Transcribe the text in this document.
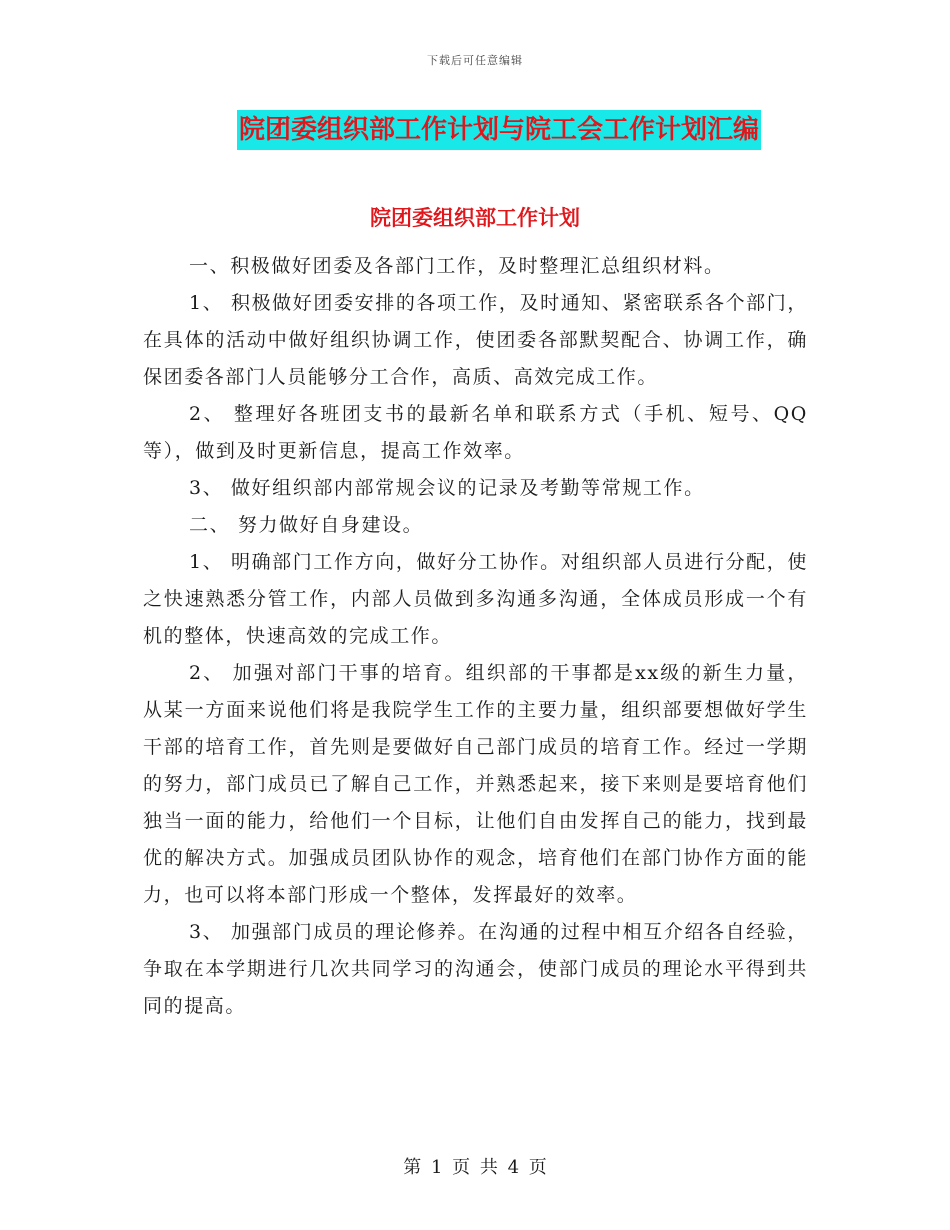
下载后可任意编辑
院团委组织部工作计划与院工会工作计划汇编
院团委组织部工作计划

一、积极做好团委及各部门工作，及时整理汇总组织材料。

1、 积极做好团委安排的各项工作，及时通知、紧密联系各个部门，在具体的活动中做好组织协调工作，使团委各部默契配合、协调工作，确保团委各部门人员能够分工合作，高质、高效完成工作。

2、 整理好各班团支书的最新名单和联系方式（手机、短号、QQ等），做到及时更新信息，提高工作效率。

3、 做好组织部内部常规会议的记录及考勤等常规工作。

二、 努力做好自身建设。

1、 明确部门工作方向，做好分工协作。对组织部人员进行分配，使之快速熟悉分管工作，内部人员做到多沟通多沟通，全体成员形成一个有机的整体，快速高效的完成工作。

2、 加强对部门干事的培育。组织部的干事都是xx级的新生力量，从某一方面来说他们将是我院学生工作的主要力量，组织部要想做好学生干部的培育工作，首先则是要做好自己部门成员的培育工作。经过一学期的努力，部门成员已了解自己工作，并熟悉起来，接下来则是要培育他们独当一面的能力，给他们一个目标，让他们自由发挥自己的能力，找到最优的解决方式。加强成员团队协作的观念，培育他们在部门协作方面的能力，也可以将本部门形成一个整体，发挥最好的效率。

3、 加强部门成员的理论修养。在沟通的过程中相互介绍各自经验，争取在本学期进行几次共同学习的沟通会，使部门成员的理论水平得到共同的提高。

第 1 页 共 4 页
